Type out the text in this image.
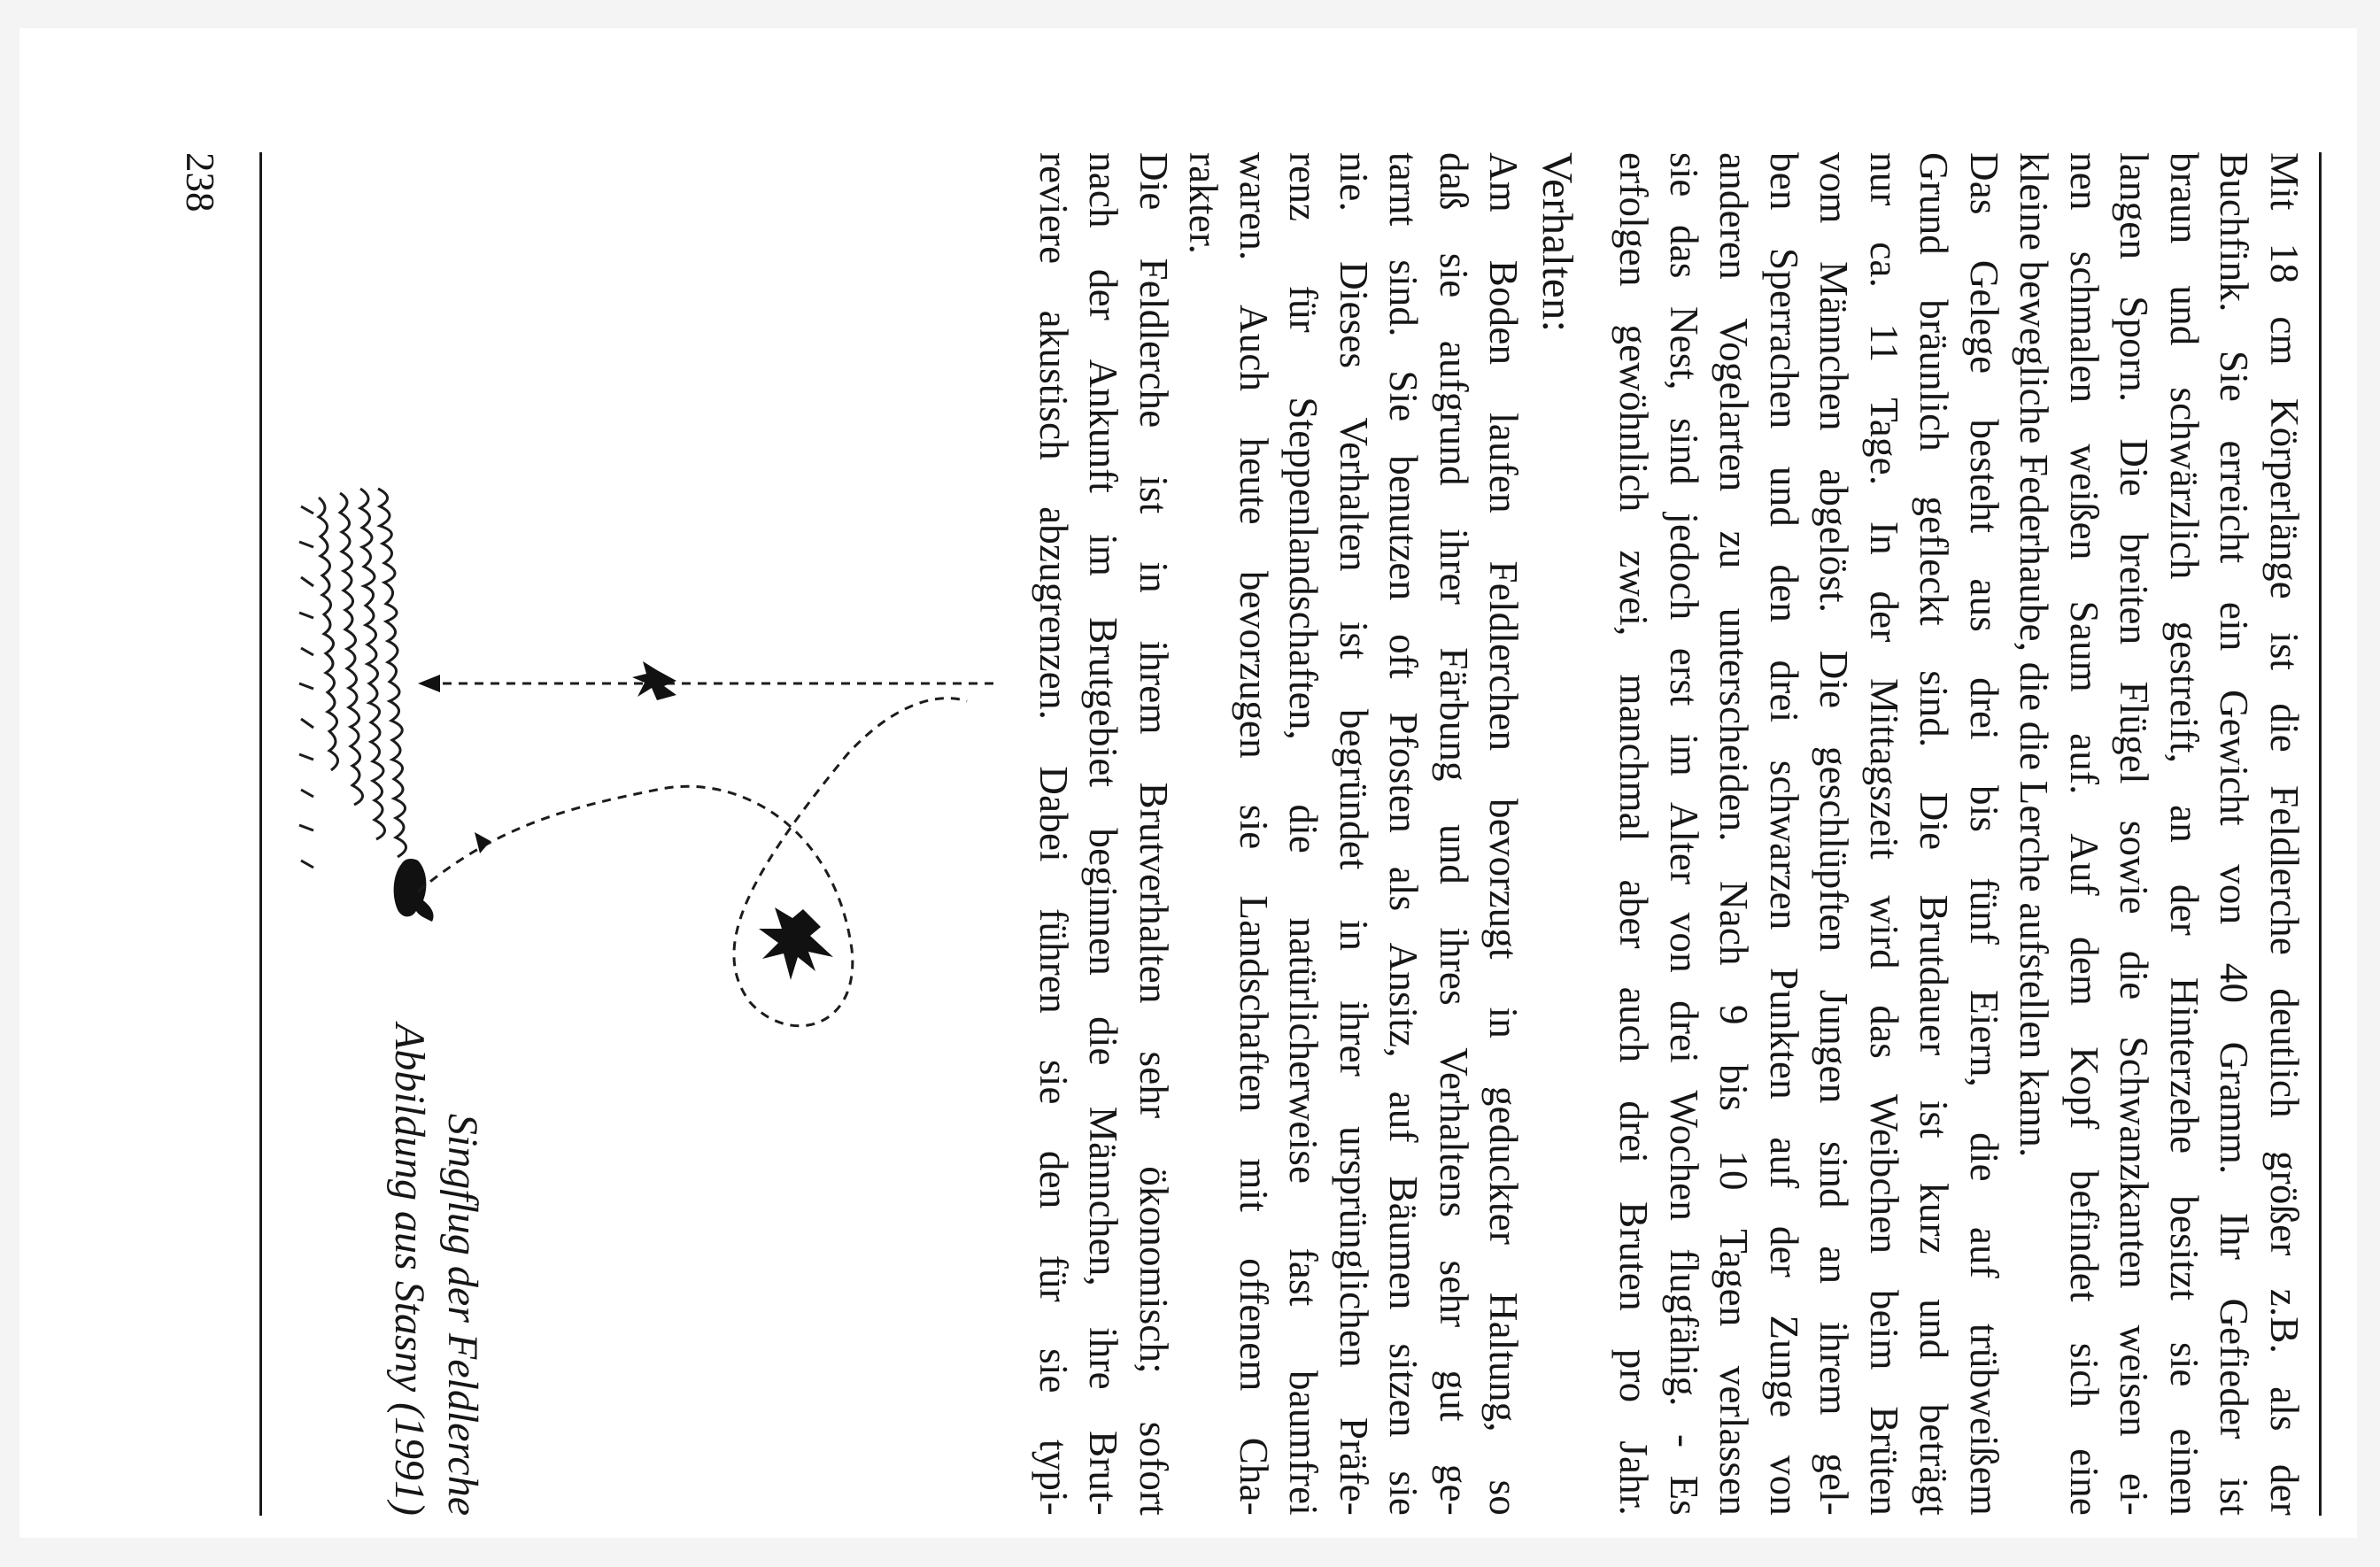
Mit 18 cm Körperlänge ist die Feldlerche deutlich größer z.B. als der
Buchfink. Sie erreicht ein Gewicht von 40 Gramm. Ihr Gefieder ist
braun und schwärzlich gestreift, an der Hinterzehe besitzt sie einen
langen Sporn. Die breiten Flügel sowie die Schwanzkanten weisen ei-
nen schmalen weißen Saum auf. Auf dem Kopf befindet sich eine
kleine bewegliche Federhaube, die die Lerche aufstellen kann.
Das Gelege besteht aus drei bis fünf Eiern, die auf trübweißem
Grund bräunlich gefleckt sind. Die Brutdauer ist kurz und beträgt
nur ca. 11 Tage. In der Mittagszeit wird das Weibchen beim Brüten
vom Männchen abgelöst. Die geschlüpften Jungen sind an ihrem gel-
ben Sperrachen und den drei schwarzen Punkten auf der Zunge von
anderen Vogelarten zu unterscheiden. Nach 9 bis 10 Tagen verlassen
sie das Nest, sind jedoch erst im Alter von drei Wochen flugfähig. - Es
erfolgen gewöhnlich zwei, manchmal aber auch drei Bruten pro Jahr.
Verhalten:
Am Boden laufen Feldlerchen bevorzugt in geduckter Haltung, so
daß sie aufgrund ihrer Färbung und ihres Verhaltens sehr gut ge-
tarnt sind. Sie benutzen oft Pfosten als Ansitz, auf Bäumen sitzen sie
nie. Dieses Verhalten ist begründet in ihrer ursprünglichen Präfe-
renz für Steppenlandschaften, die natürlicherweise fast baumfrei
waren. Auch heute bevorzugen sie Landschaften mit offenem Cha-
rakter.
Die Feldlerche ist in ihrem Brutverhalten sehr ökonomisch; sofort
nach der Ankunft im Brutgebiet beginnen die Männchen, ihre Brut-
reviere akustisch abzugrenzen. Dabei führen sie den für sie typi-
Singflug der Feldlerche
Abbildung aus Stasny (1991)
238
